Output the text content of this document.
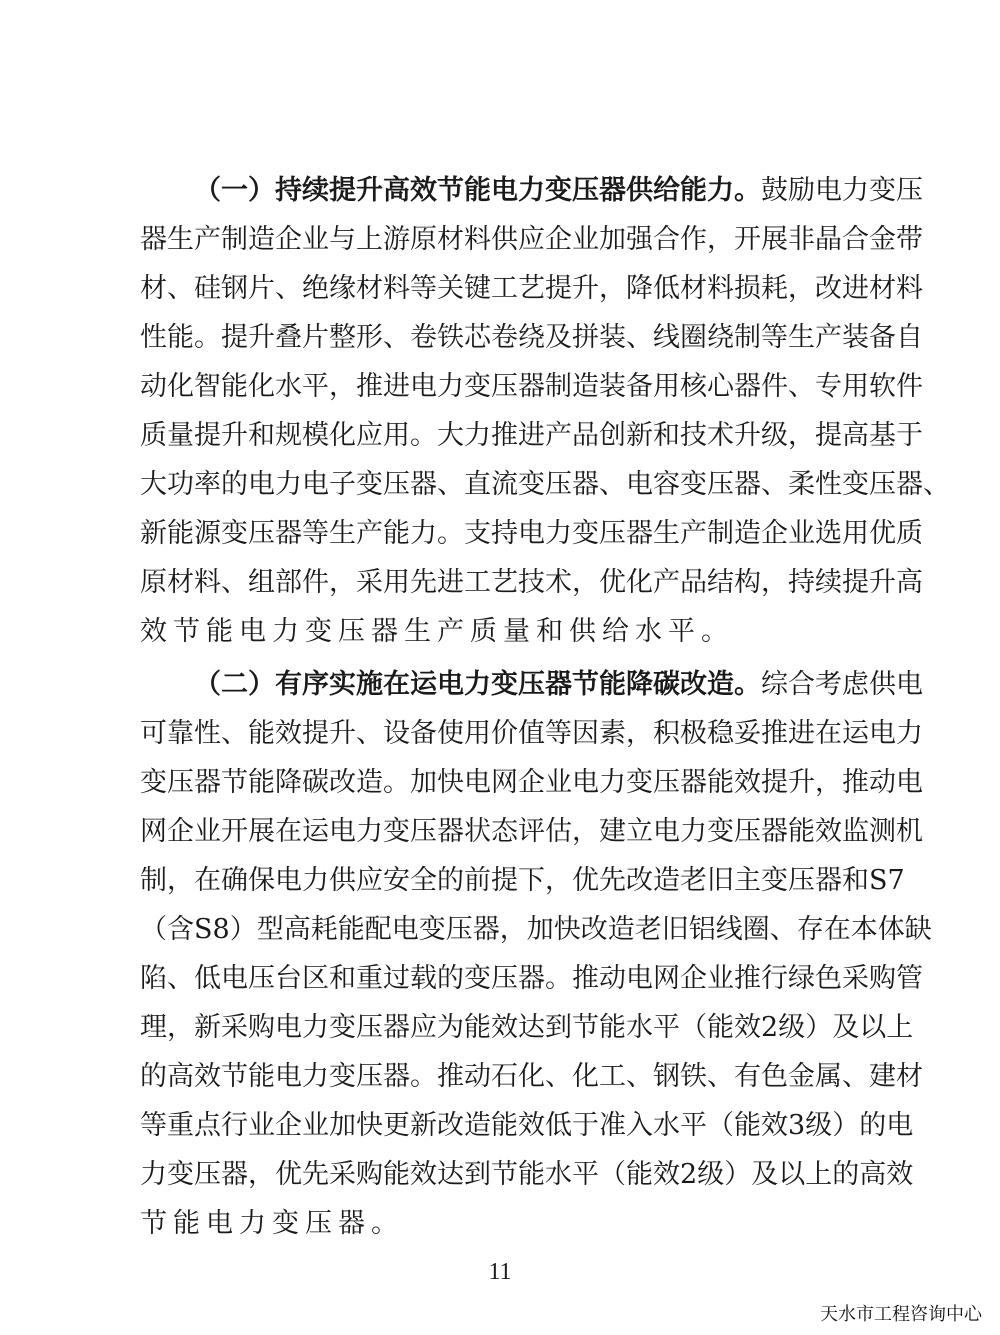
（ 一 ） 持 续 提 升 高 效 节 能 电 力 变 压 器 供 给 能 力 。 鼓 励 电 力 变 压
器 生 产 制 造 企 业 与 上 游 原 材 料 供 应 企 业 加 强 合 作 ， 开 展 非 晶 合 金 带
材 、 硅 钢 片 、 绝 缘 材 料 等 关 键 工 艺 提 升 ， 降 低 材 料 损 耗 ， 改 进 材 料
性 能 。 提 升 叠 片 整 形 、 卷 铁 芯 卷 绕 及 拼 装 、 线 圈 绕 制 等 生 产 装 备 自
动 化 智 能 化 水 平 ， 推 进 电 力 变 压 器 制 造 装 备 用 核 心 器 件 、 专 用 软 件
质 量 提 升 和 规 模 化 应 用 。 大 力 推 进 产 品 创 新 和 技 术 升 级 ， 提 高 基 于
大 功 率 的 电 力 电 子 变 压 器 、 直 流 变 压 器 、 电 容 变 压 器 、 柔 性 变 压 器 、
新 能 源 变 压 器 等 生 产 能 力 。 支 持 电 力 变 压 器 生 产 制 造 企 业 选 用 优 质
原 材 料 、 组 部 件 ， 采 用 先 进 工 艺 技 术 ， 优 化 产 品 结 构 ， 持 续 提 升 高
效 节 能 电 力 变 压 器 生 产 质 量 和 供 给 水 平 。
（ 二 ） 有 序 实 施 在 运 电 力 变 压 器 节 能 降 碳 改 造 。 综 合 考 虑 供 电
可 靠 性 、 能 效 提 升 、 设 备 使 用 价 值 等 因 素 ， 积 极 稳 妥 推 进 在 运 电 力
变 压 器 节 能 降 碳 改 造 。 加 快 电 网 企 业 电 力 变 压 器 能 效 提 升 ， 推 动 电
网 企 业 开 展 在 运 电 力 变 压 器 状 态 评 估 ， 建 立 电 力 变 压 器 能 效 监 测 机
制 ， 在 确 保 电 力 供 应 安 全 的 前 提 下 ， 优 先 改 造 老 旧 主 变 压 器 和 S7
（ 含 S8 ） 型 高 耗 能 配 电 变 压 器 ， 加 快 改 造 老 旧 铝 线 圈 、 存 在 本 体 缺
陷 、 低 电 压 台 区 和 重 过 载 的 变 压 器 。 推 动 电 网 企 业 推 行 绿 色 采 购 管
理 ， 新 采 购 电 力 变 压 器 应 为 能 效 达 到 节 能 水 平 （ 能 效 2 级 ） 及 以 上
的 高 效 节 能 电 力 变 压 器 。 推 动 石 化 、 化 工 、 钢 铁 、 有 色 金 属 、 建 材
等 重 点 行 业 企 业 加 快 更 新 改 造 能 效 低 于 准 入 水 平 （ 能 效 3 级 ） 的 电
力 变 压 器 ， 优 先 采 购 能 效 达 到 节 能 水 平 （ 能 效 2 级 ） 及 以 上 的 高 效
节 能 电 力 变 压 器 。
11
天水市工程咨询中心
